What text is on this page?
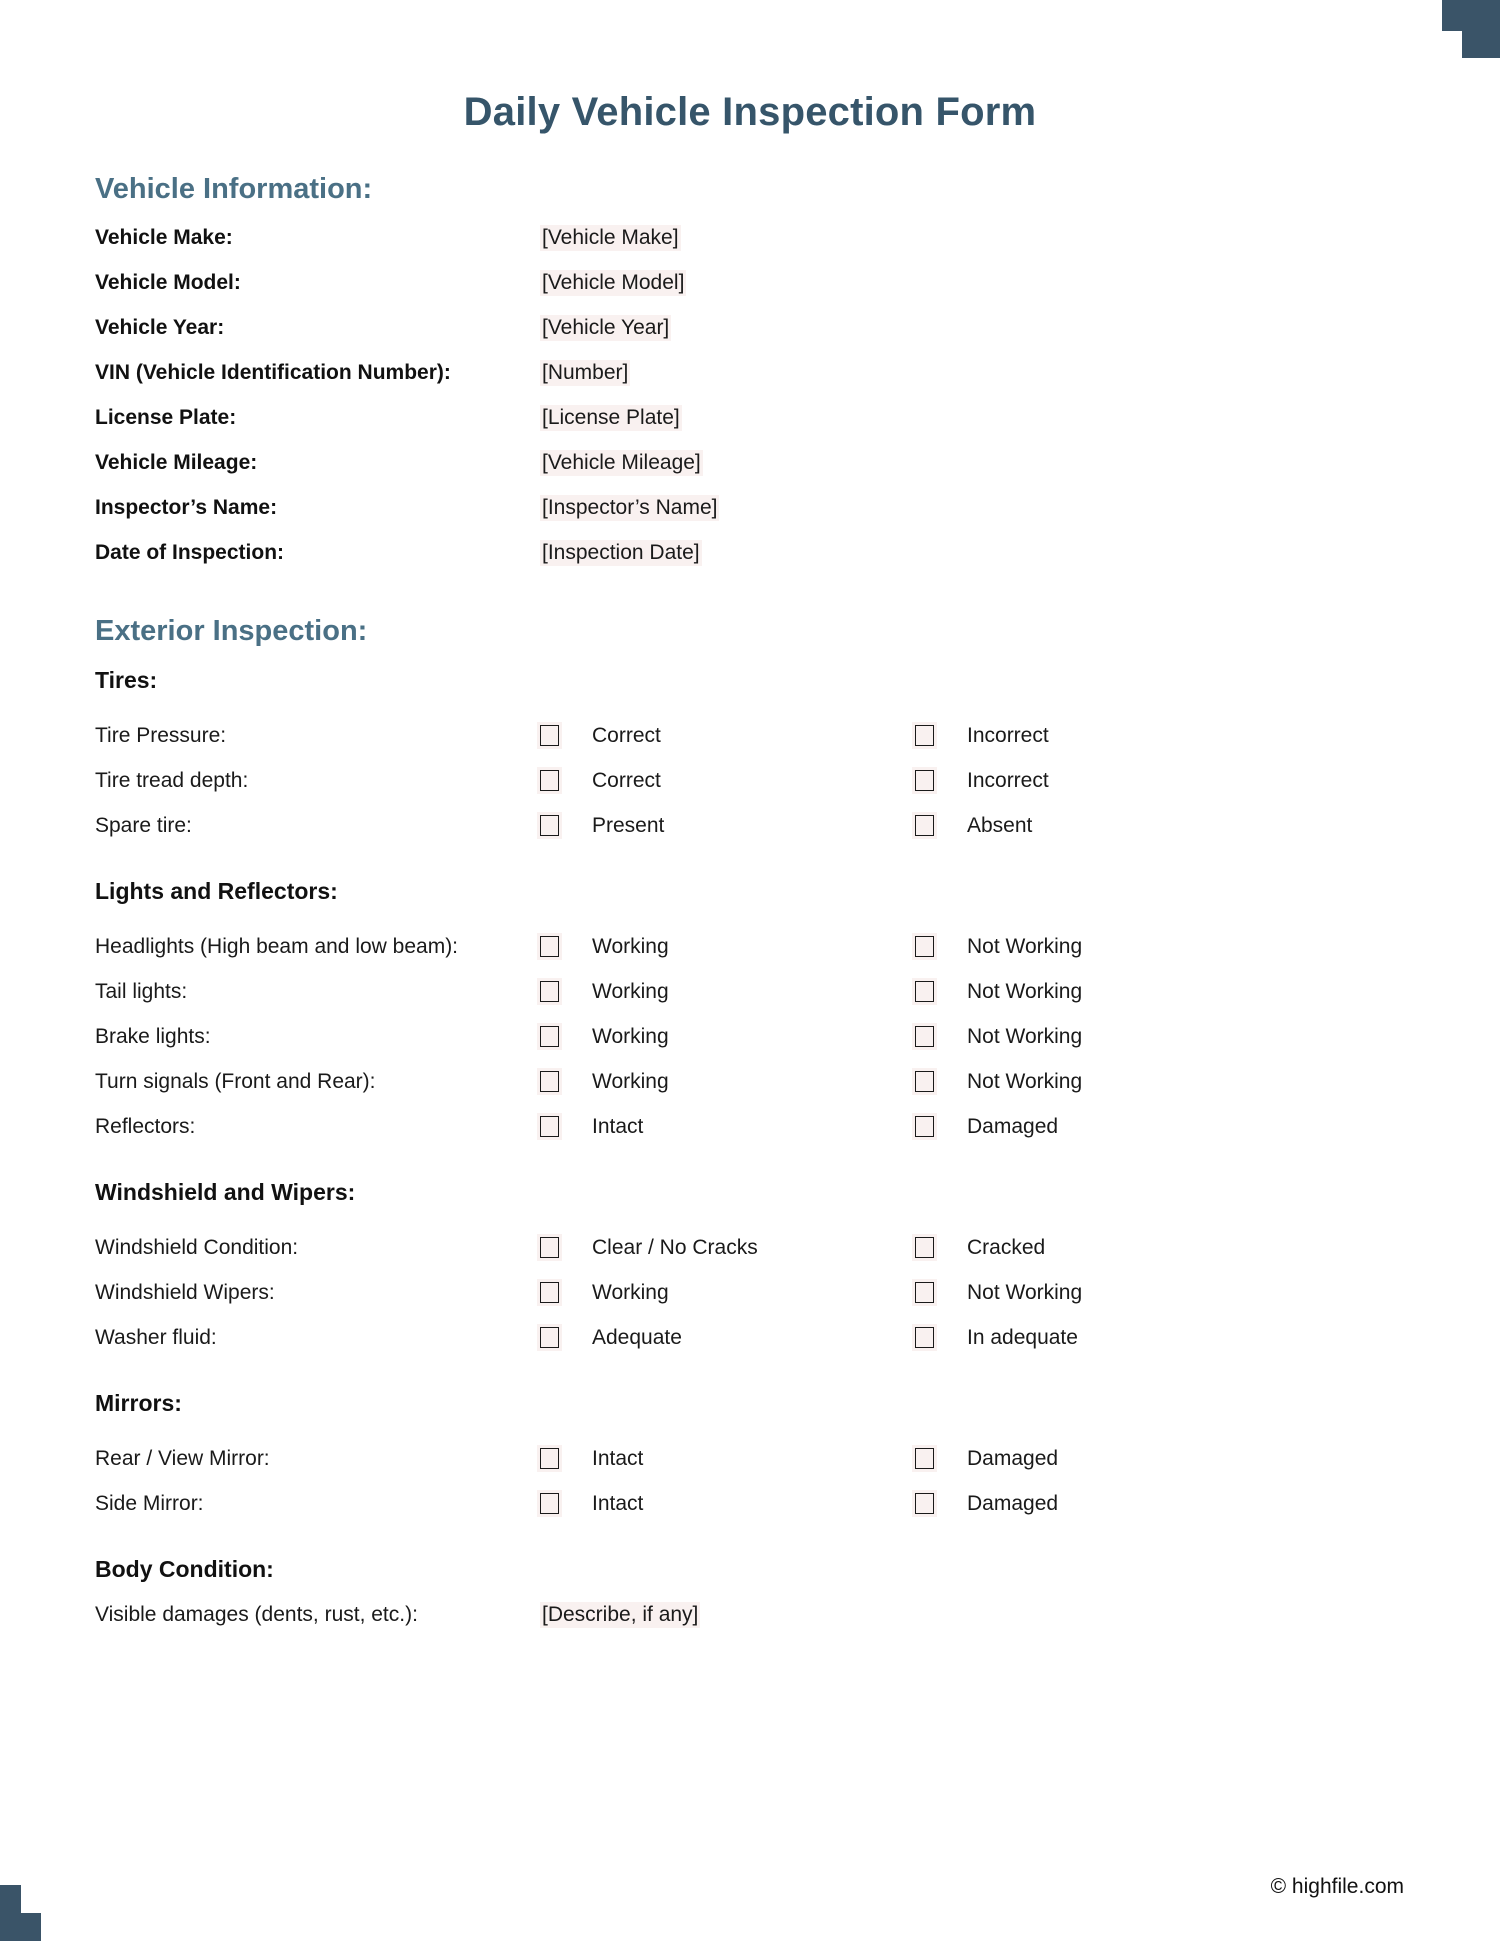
Daily Vehicle Inspection Form
Vehicle Information:
Vehicle Make:	[Vehicle Make]
Vehicle Model:	[Vehicle Model]
Vehicle Year:	[Vehicle Year]
VIN (Vehicle Identification Number):	[Number]
License Plate:	[License Plate]
Vehicle Mileage:	[Vehicle Mileage]
Inspector’s Name:	[Inspector’s Name]
Date of Inspection:	[Inspection Date]
Exterior Inspection:
Tires:
Tire Pressure:	Correct	Incorrect
Tire tread depth:	Correct	Incorrect
Spare tire:	Present	Absent
Lights and Reflectors:
Headlights (High beam and low beam):	Working	Not Working
Tail lights:	Working	Not Working
Brake lights:	Working	Not Working
Turn signals (Front and Rear):	Working	Not Working
Reflectors:	Intact	Damaged
Windshield and Wipers:
Windshield Condition:	Clear / No Cracks	Cracked
Windshield Wipers:	Working	Not Working
Washer fluid:	Adequate	In adequate
Mirrors:
Rear / View Mirror:	Intact	Damaged
Side Mirror:	Intact	Damaged
Body Condition:
Visible damages (dents, rust, etc.):	[Describe, if any]
© highfile.com
